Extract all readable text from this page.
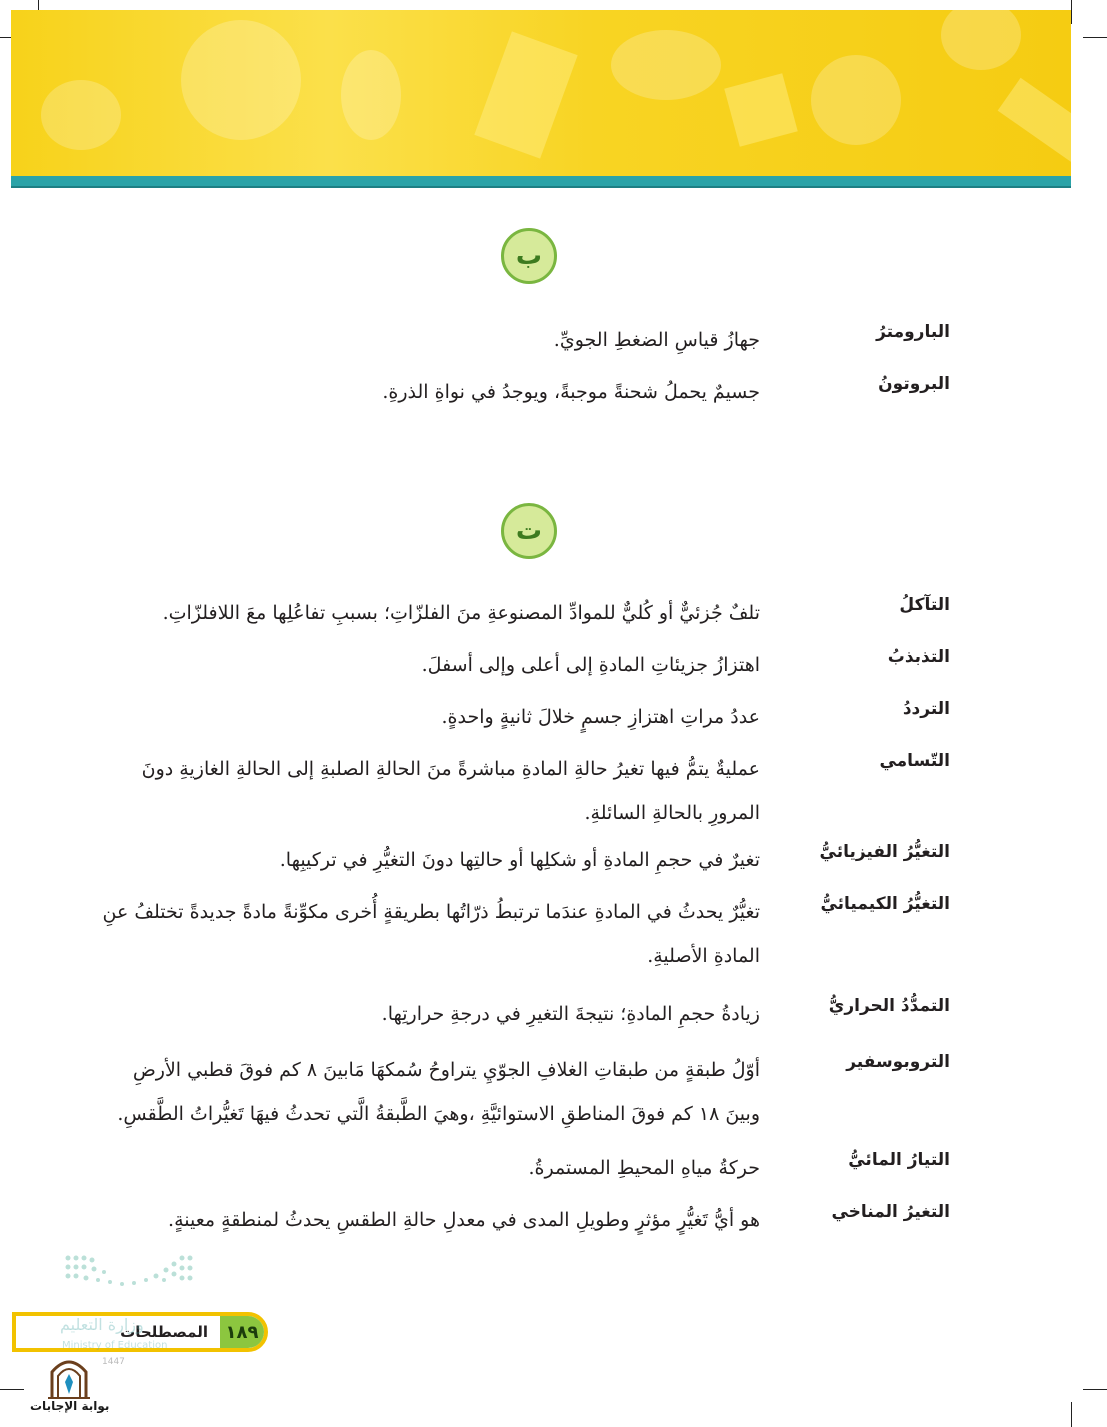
ب
البارومترُ
جهازُ قياسِ الضغطِ الجويِّ.
البروتونُ
جسيمٌ يحملُ شحنةً موجبةً، ويوجدُ في نواةِ الذرةِ.
ت
التآكلُ
تلفٌ جُزئيٌّ أو كُليٌّ للموادِّ المصنوعةِ منَ الفلزّاتِ؛ بسببِ تفاعُلِها معَ اللافلزّاتِ.
التذبذبُ
اهتزازُ جزيئاتِ المادةِ إلى أعلى وإلى أسفلَ.
الترددُ
عددُ مراتِ اهتزازِ جسمٍ خلالَ ثانيةٍ واحدةٍ.
التّسامي
عمليةٌ يتمُّ فيها تغيرُ حالةِ المادةِ مباشرةً منَ الحالةِ الصلبةِ إلى الحالةِ الغازيةِ دونَ المرورِ بالحالةِ السائلةِ.
التغيُّرُ الفيزيائيُّ
تغيرٌ في حجمِ المادةِ أو شكلِها أو حالتِها دونَ التغيُّرِ في تركيبِها.
التغيُّرُ الكيميائيُّ
تغيُّرٌ يحدثُ في المادةِ عندَما ترتبطُ ذرّاتُها بطريقةٍ أُخرى مكوِّنةً مادةً جديدةً تختلفُ عنِ المادةِ الأصليةِ.
التمدُّدُ الحراريُّ
زيادةُ حجمِ المادةِ؛ نتيجةَ التغيرِ في درجةِ حرارتِها.
التروبوسفير
أوّلُ طبقةٍ من طبقاتِ الغلافِ الجوّيِ يتراوحُ سُمكهَا مَابينَ ٨ كم فوقَ قطبي الأرضِ وبينَ ١٨ كم فوقَ المناطقِ الاستوائيَّةِ ،وهيَ الطَّبقةُ الَّتي تحدثُ فيهَا تَغيُّراتُ الطَّقسِ.
التيارُ المائيُّ
حركةُ مياهِ المحيطِ المستمرةُ.
التغيرُ المناخي
هو أيُّ تَغيُّرٍ مؤثرٍ وطويلِ المدى في معدلِ حالةِ الطقسِ يحدثُ لمنطقةٍ معينةٍ.
١٨٩
المصطلحات
وزارة التعليم
Ministry of Education
1447
بوابة الإجابات
